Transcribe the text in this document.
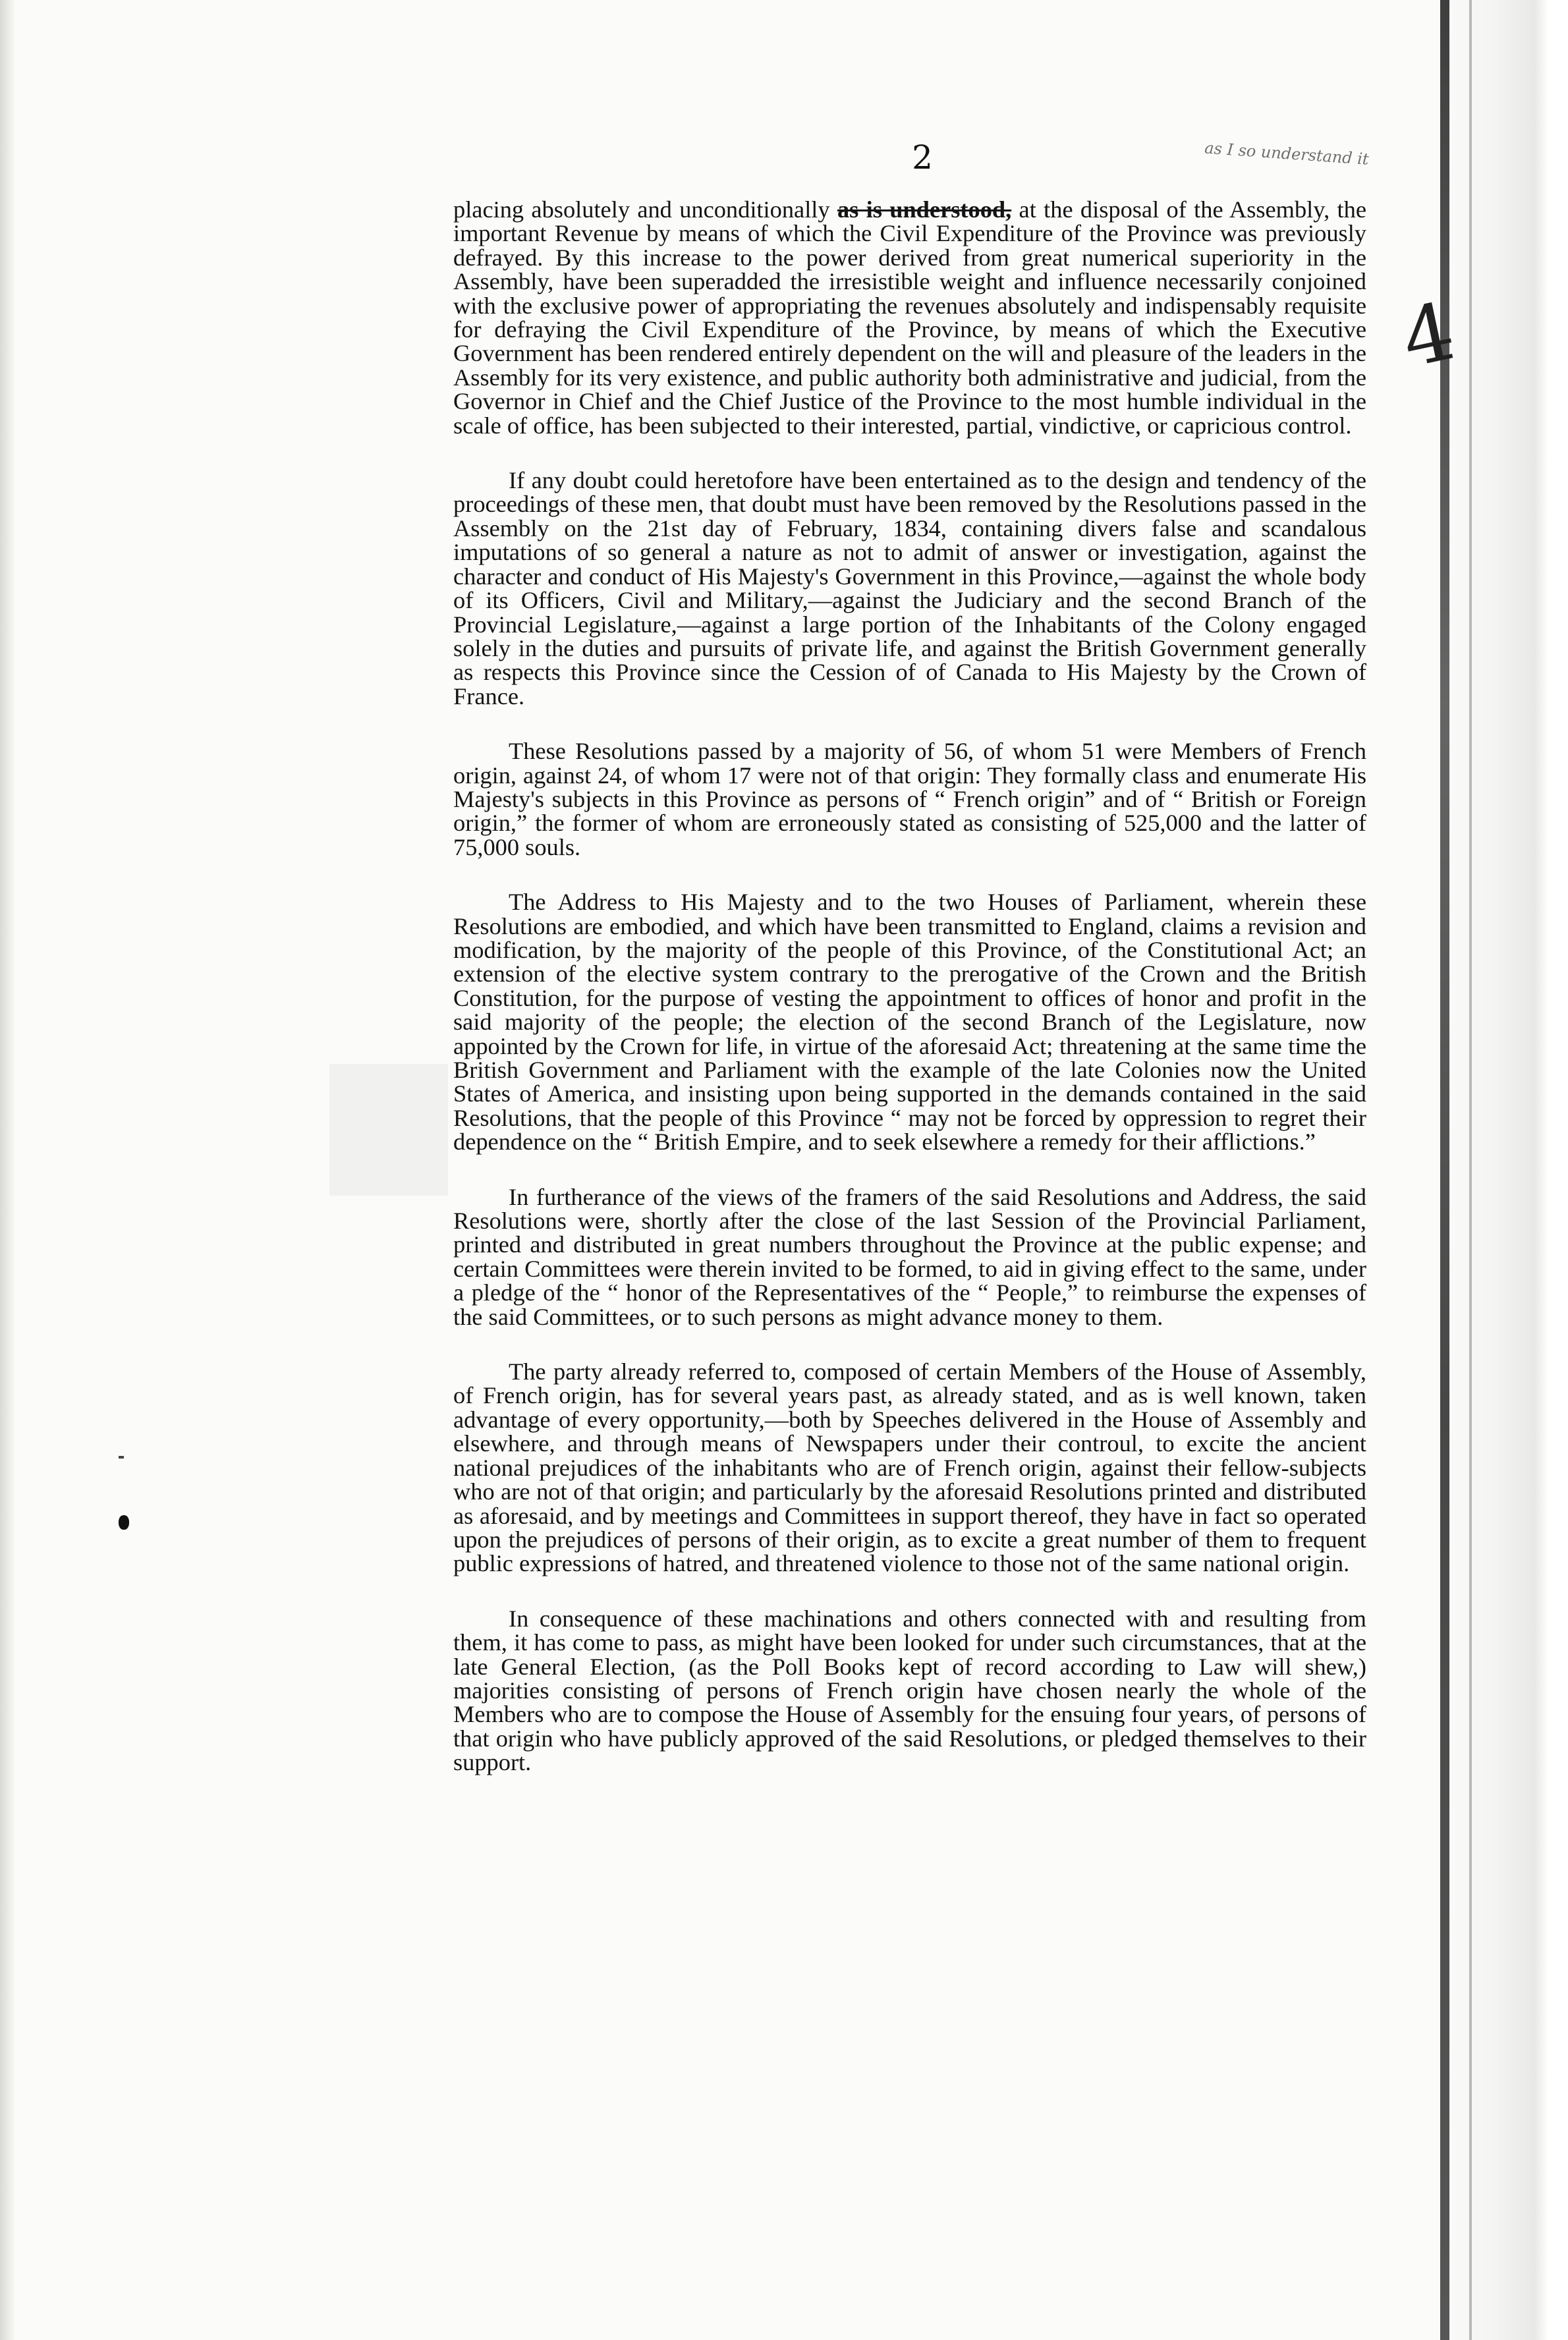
2	as I so understand it
4

placing absolutely and unconditionally as is understood, at the disposal of the Assembly, the important Revenue by means of which the Civil Expenditure of the Province was previously defrayed. By this increase to the power derived from great numerical superiority in the Assembly, have been superadded the irresistible weight and influence necessarily conjoined with the exclusive power of appropriating the revenues absolutely and indispensably requisite for defraying the Civil Expenditure of the Province, by means of which the Executive Government has been rendered entirely dependent on the will and pleasure of the leaders in the Assembly for its very existence, and public authority both administrative and judicial, from the Governor in Chief and the Chief Justice of the Province to the most humble individual in the scale of office, has been subjected to their interested, partial, vindictive, or capricious control.

If any doubt could heretofore have been entertained as to the design and tendency of the proceedings of these men, that doubt must have been removed by the Resolutions passed in the Assembly on the 21st day of February, 1834, containing divers false and scandalous imputations of so general a nature as not to admit of answer or investigation, against the character and conduct of His Majesty's Government in this Province,—against the whole body of its Officers, Civil and Military,—against the Judiciary and the second Branch of the Provincial Legislature,—against a large portion of the Inhabitants of the Colony engaged solely in the duties and pursuits of private life, and against the British Government generally as respects this Province since the Cession of of Canada to His Majesty by the Crown of France.

These Resolutions passed by a majority of 56, of whom 51 were Members of French origin, against 24, of whom 17 were not of that origin: They formally class and enumerate His Majesty's subjects in this Province as persons of “ French origin” and of “ British or Foreign origin,” the former of whom are erroneously stated as consisting of 525,000 and the latter of 75,000 souls.

The Address to His Majesty and to the two Houses of Parliament, wherein these Resolutions are embodied, and which have been transmitted to England, claims a revision and modification, by the majority of the people of this Province, of the Constitutional Act; an extension of the elective system contrary to the prerogative of the Crown and the British Constitution, for the purpose of vesting the appointment to offices of honor and profit in the said majority of the people; the election of the second Branch of the Legislature, now appointed by the Crown for life, in virtue of the aforesaid Act; threatening at the same time the British Government and Parliament with the example of the late Colonies now the United States of America, and insisting upon being supported in the demands contained in the said Resolutions, that the people of this Province “ may not be forced by oppression to regret their dependence on the “ British Empire, and to seek elsewhere a remedy for their afflictions.”

In furtherance of the views of the framers of the said Resolutions and Address, the said Resolutions were, shortly after the close of the last Session of the Provincial Parliament, printed and distributed in great numbers throughout the Province at the public expense; and certain Committees were therein invited to be formed, to aid in giving effect to the same, under a pledge of the “ honor of the Representatives of the “ People,” to reimburse the expenses of the said Committees, or to such persons as might advance money to them.

The party already referred to, composed of certain Members of the House of Assembly, of French origin, has for several years past, as already stated, and as is well known, taken advantage of every opportunity,—both by Speeches delivered in the House of Assembly and elsewhere, and through means of Newspapers under their controul, to excite the ancient national prejudices of the inhabitants who are of French origin, against their fellow-subjects who are not of that origin; and particularly by the aforesaid Resolutions printed and distributed as aforesaid, and by meetings and Committees in support thereof, they have in fact so operated upon the prejudices of persons of their origin, as to excite a great number of them to frequent public expressions of hatred, and threatened violence to those not of the same national origin.

In consequence of these machinations and others connected with and resulting from them, it has come to pass, as might have been looked for under such circumstances, that at the late General Election, (as the Poll Books kept of record according to Law will shew,) majorities consisting of persons of French origin have chosen nearly the whole of the Members who are to compose the House of Assembly for the ensuing four years, of persons of that origin who have publicly approved of the said Resolutions, or pledged themselves to their support.
